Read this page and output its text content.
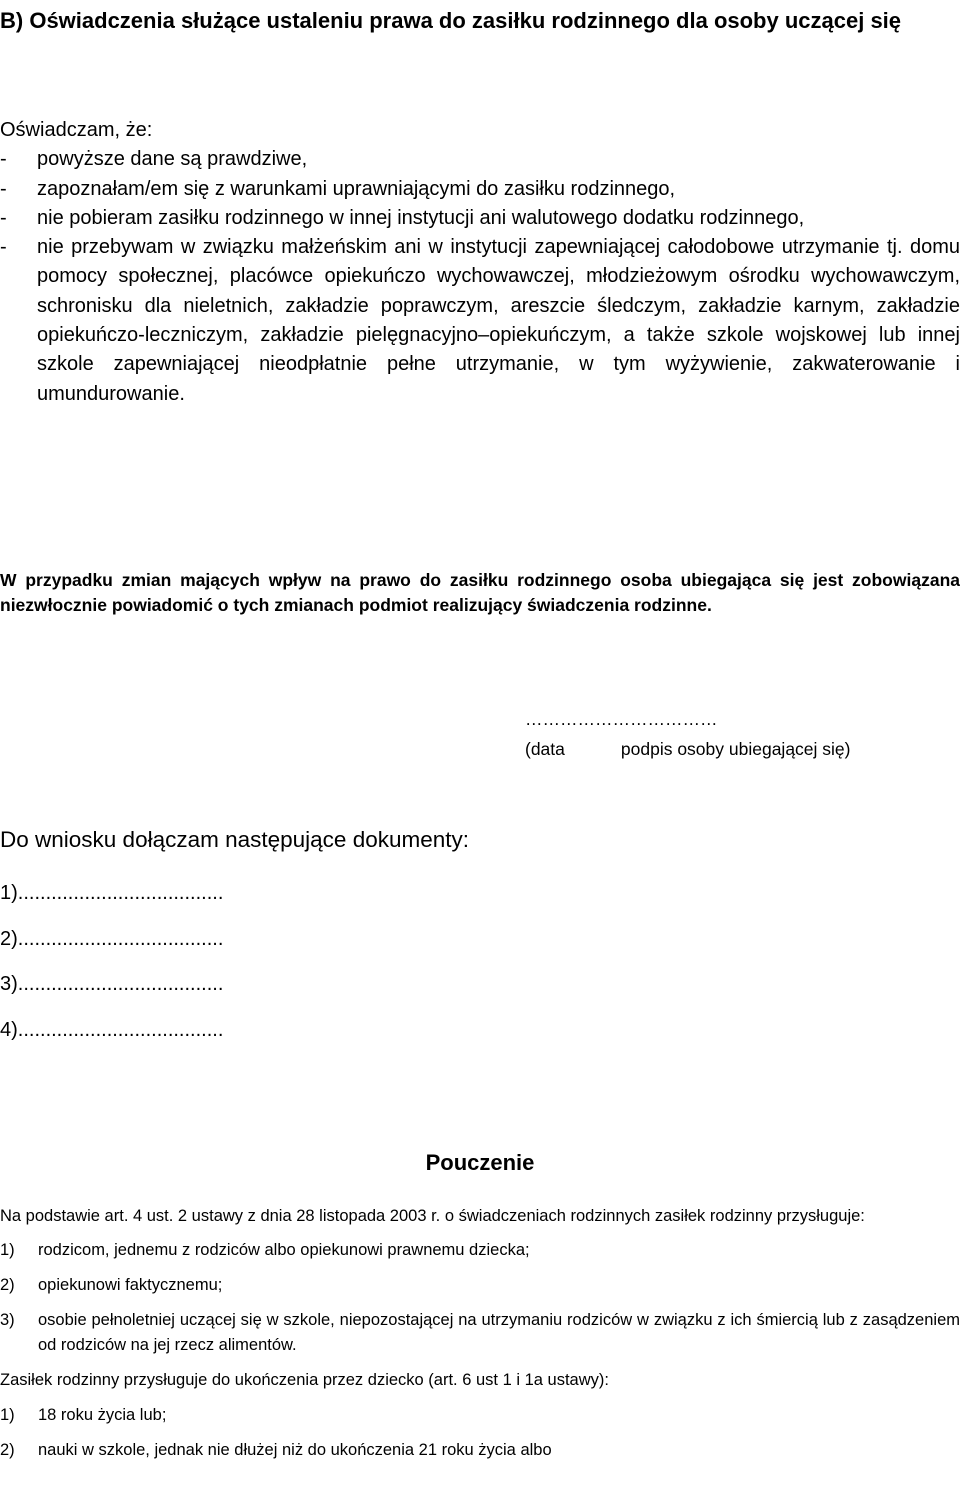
B) Oświadczenia służące ustaleniu prawa do zasiłku rodzinnego dla osoby uczącej się

Oświadczam, że:

- powyższe dane są prawdziwe,
- zapoznałam/em się z warunkami uprawniającymi do zasiłku rodzinnego,
- nie pobieram zasiłku rodzinnego w innej instytucji ani walutowego dodatku rodzinnego,
- nie przebywam w związku małżeńskim ani w instytucji zapewniającej całodobowe utrzymanie tj. domu pomocy społecznej, placówce opiekuńczo wychowawczej, młodzieżowym ośrodku wychowawczym, schronisku dla nieletnich, zakładzie poprawczym, areszcie śledczym, zakładzie karnym, zakładzie opiekuńczo-leczniczym, zakładzie pielęgnacyjno–opiekuńczym, a także szkole wojskowej lub innej szkole zapewniającej nieodpłatnie pełne utrzymanie, w tym wyżywienie, zakwaterowanie i umundurowanie.

W przypadku zmian mających wpływ na prawo do zasiłku rodzinnego osoba ubiegająca się jest zobowiązana niezwłocznie powiadomić o tych zmianach podmiot realizujący świadczenia rodzinne.

……………………………
(data	podpis osoby ubiegającej się)

Do wniosku dołączam następujące dokumenty:

1).....................................
2).....................................
3).....................................
4).....................................
Pouczenie

Na podstawie art. 4 ust. 2 ustawy z dnia 28 listopada 2003 r. o świadczeniach rodzinnych zasiłek rodzinny przysługuje:

1) rodzicom, jednemu z rodziców albo opiekunowi prawnemu dziecka;
2) opiekunowi faktycznemu;
3) osobie pełnoletniej uczącej się w szkole, niepozostającej na utrzymaniu rodziców w związku z ich śmiercią lub z zasądzeniem od rodziców na jej rzecz alimentów.

Zasiłek rodzinny przysługuje do ukończenia przez dziecko (art. 6 ust 1 i 1a ustawy):

1) 18 roku życia lub;
2) nauki w szkole, jednak nie dłużej niż do ukończenia 21 roku życia albo
